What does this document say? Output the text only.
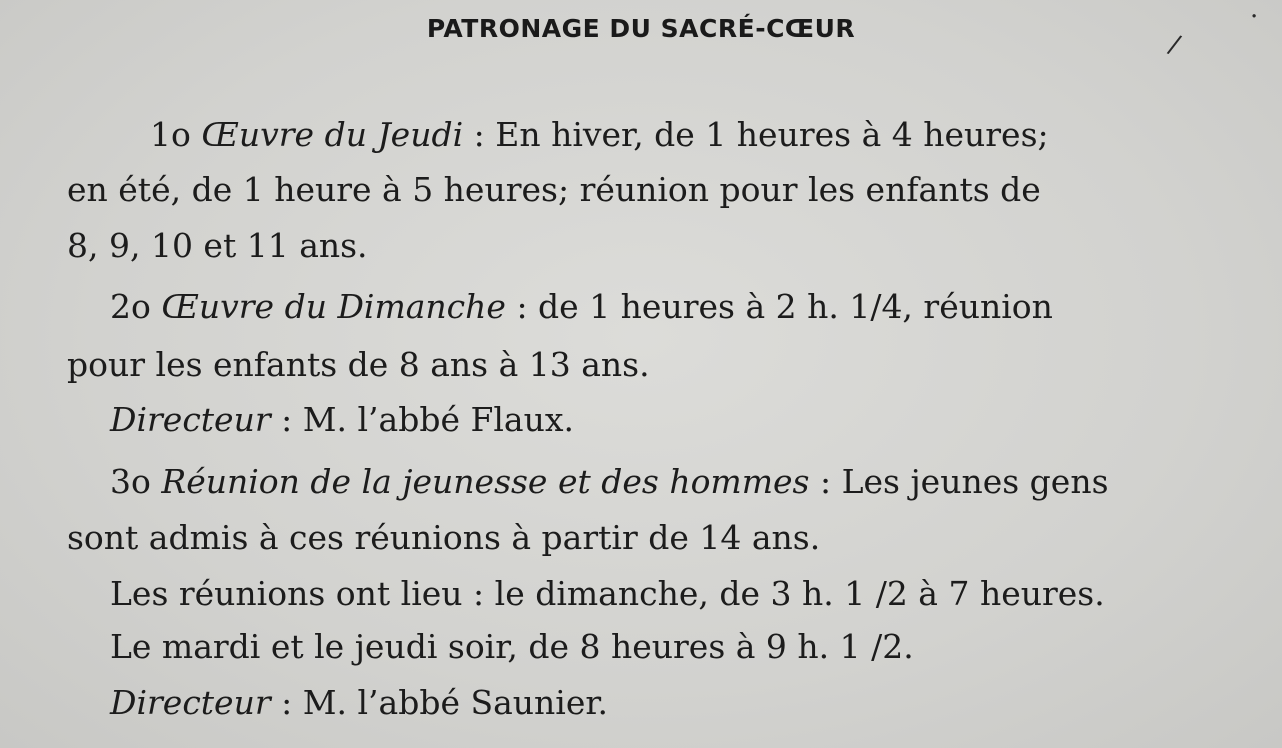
PATRONAGE DU SACRÉ-CŒUR
/
·
1o Œuvre du Jeudi : En hiver, de 1 heures à 4 heures;
en été, de 1 heure à 5 heures; réunion pour les enfants de
8, 9, 10 et 11 ans.
2o Œuvre du Dimanche : de 1 heures à 2 h. 1/4, réunion
pour les enfants de 8 ans à 13 ans.
Directeur : M. l’abbé Flaux.
3o Réunion de la jeunesse et des hommes : Les jeunes gens
sont admis à ces réunions à partir de 14 ans.
Les réunions ont lieu : le dimanche, de 3 h. 1 /2 à 7 heures.
Le mardi et le jeudi soir, de 8 heures à 9 h. 1 /2.
Directeur : M. l’abbé Saunier.
